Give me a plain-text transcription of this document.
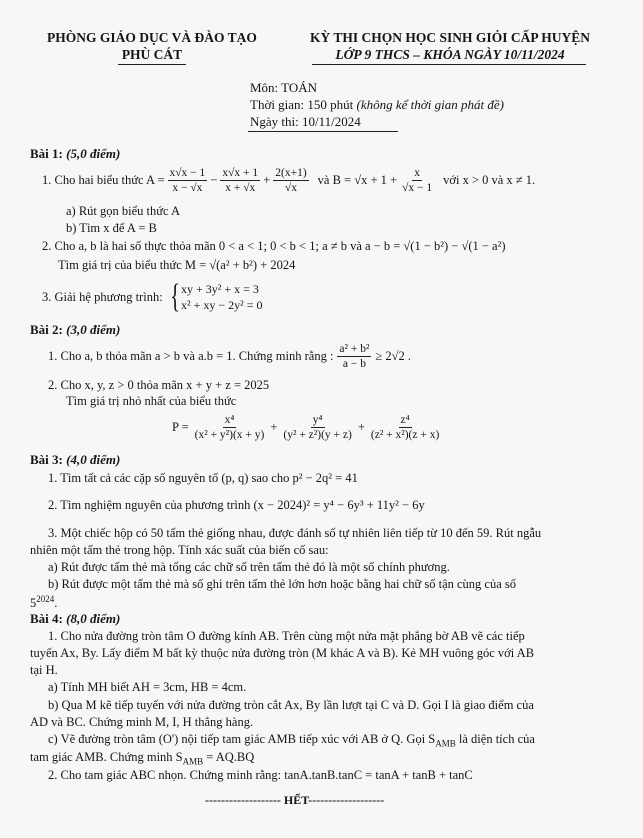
PHÒNG GIÁO DỤC VÀ ĐÀO TẠO
PHÙ CÁT
KỲ THI CHỌN HỌC SINH GIỎI CẤP HUYỆN
LỚP 9 THCS – KHÓA NGÀY 10/11/2024
Môn: TOÁN
Thời gian: 150 phút (không kể thời gian phát đề)
Ngày thi: 10/11/2024
Bài 1: (5,0 điểm)
1. Cho hai biểu thức $A = \frac{x√x - 1}{x - √x} - \frac{x√x + 1}{x + √x} + \frac{2(x+1)}{√x}$ và $B = √x + 1 + \frac{x}{√x - 1}$ với x > 0 và x ≠ 1.
a) Rút gọn biểu thức A
b) Tìm x để A = B
2. Cho a, b là hai số thực thỏa mãn 0 < a < 1; 0 < b < 1; a ≠ b và a − b = √(1 − b²) − √(1 − a²)
Tìm giá trị của biểu thức M = √(a² + b²) + 2024
3. Giải hệ phương trình: { xy + 3y² + x = 3
x² + xy − 2y² = 0
Bài 2: (3,0 điểm)
1. Cho a, b thỏa mãn a > b và a.b = 1. Chứng minh rằng : $\frac{\text{a² + b²}}{a - b} \ge 2√2$ .
2. Cho x, y, z > 0 thỏa mãn x + y + z = 2025
Tìm giá trị nhỏ nhất của biểu thức
$P = \frac{\text{x⁴}}{\text{(x² + y²)(x + y)}} + \frac{\text{y⁴}}{\text{(y² + z²)(y + z)}} + \frac{\text{z⁴}}{\text{(z² + x²)(z + x)}}$
Bài 3: (4,0 điểm)
1. Tìm tất cả các cặp số nguyên tố (p, q) sao cho p² − 2q² = 41
2. Tìm nghiệm nguyên của phương trình (x − 2024)² = y⁴ − 6y³ + 11y² − 6y
3. Một chiếc hộp có 50 tấm thẻ giống nhau, được đánh số tự nhiên liên tiếp từ 10 đến 59. Rút ngẫu
nhiên một tấm thẻ trong hộp. Tính xác suất của biến cố sau:
a) Rút được tấm thẻ mà tổng các chữ số trên tấm thẻ đó là một số chính phương.
b) Rút được một tấm thẻ mà số ghi trên tấm thẻ lớn hơn hoặc bằng hai chữ số tận cùng của số
$5^{2024}$.
Bài 4: (8,0 điểm)
1. Cho nửa đường tròn tâm O đường kính AB. Trên cùng một nửa mặt phẳng bờ AB vẽ các tiếp
tuyến Ax, By. Lấy điểm M bất kỳ thuộc nửa đường tròn (M khác A và B). Kẻ MH vuông góc với AB
tại H.
a) Tính MH biết AH = 3cm, HB = 4cm.
b) Qua M kẽ tiếp tuyến với nửa đường tròn cắt Ax, By lần lượt tại C và D. Gọi I là giao điểm của
AD và BC. Chứng minh M, I, H thẳng hàng.
c) Vẽ đường tròn tâm (O') nội tiếp tam giác AMB tiếp xúc với AB ở Q. Gọi $S_{AMB}$ là diện tích của
tam giác AMB. Chứng minh $S_{AMB} = AQ.BQ$
2. Cho tam giác ABC nhọn. Chứng minh rằng: tanA.tanB.tanC = tanA + tanB + tanC
------------------- HẾT-------------------
